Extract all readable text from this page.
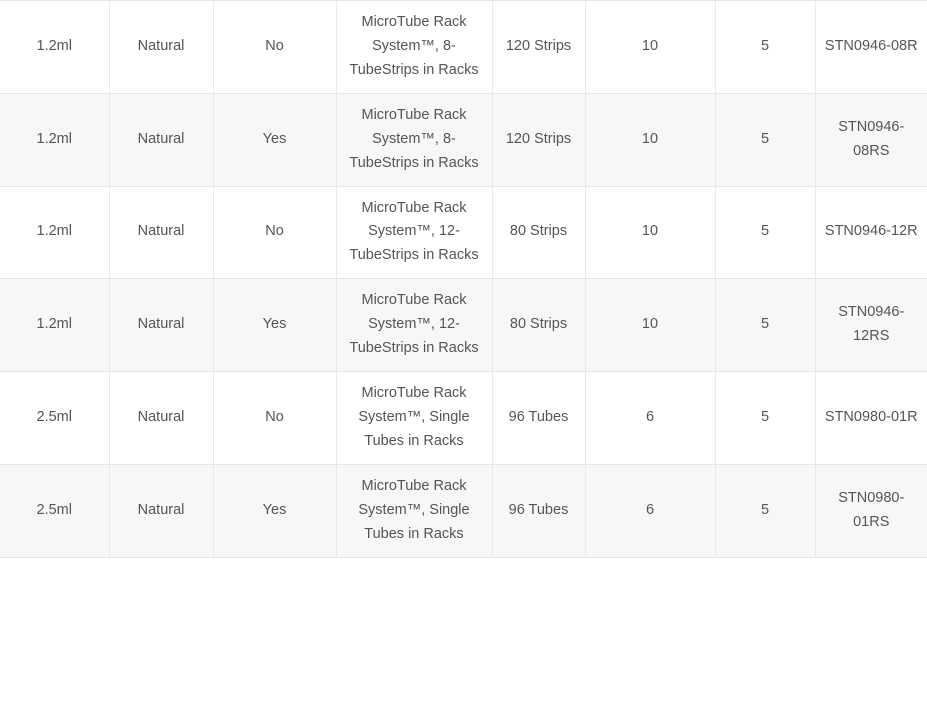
1.2ml	Natural	No	MicroTube Rack System™, 8-TubeStrips in Racks	120 Strips	10	5	STN0946-08R
1.2ml	Natural	Yes	MicroTube Rack System™, 8-TubeStrips in Racks	120 Strips	10	5	STN0946-08RS
1.2ml	Natural	No	MicroTube Rack System™, 12-TubeStrips in Racks	80 Strips	10	5	STN0946-12R
1.2ml	Natural	Yes	MicroTube Rack System™, 12-TubeStrips in Racks	80 Strips	10	5	STN0946-12RS
2.5ml	Natural	No	MicroTube Rack System™, Single Tubes in Racks	96 Tubes	6	5	STN0980-01R
2.5ml	Natural	Yes	MicroTube Rack System™, Single Tubes in Racks	96 Tubes	6	5	STN0980-01RS
